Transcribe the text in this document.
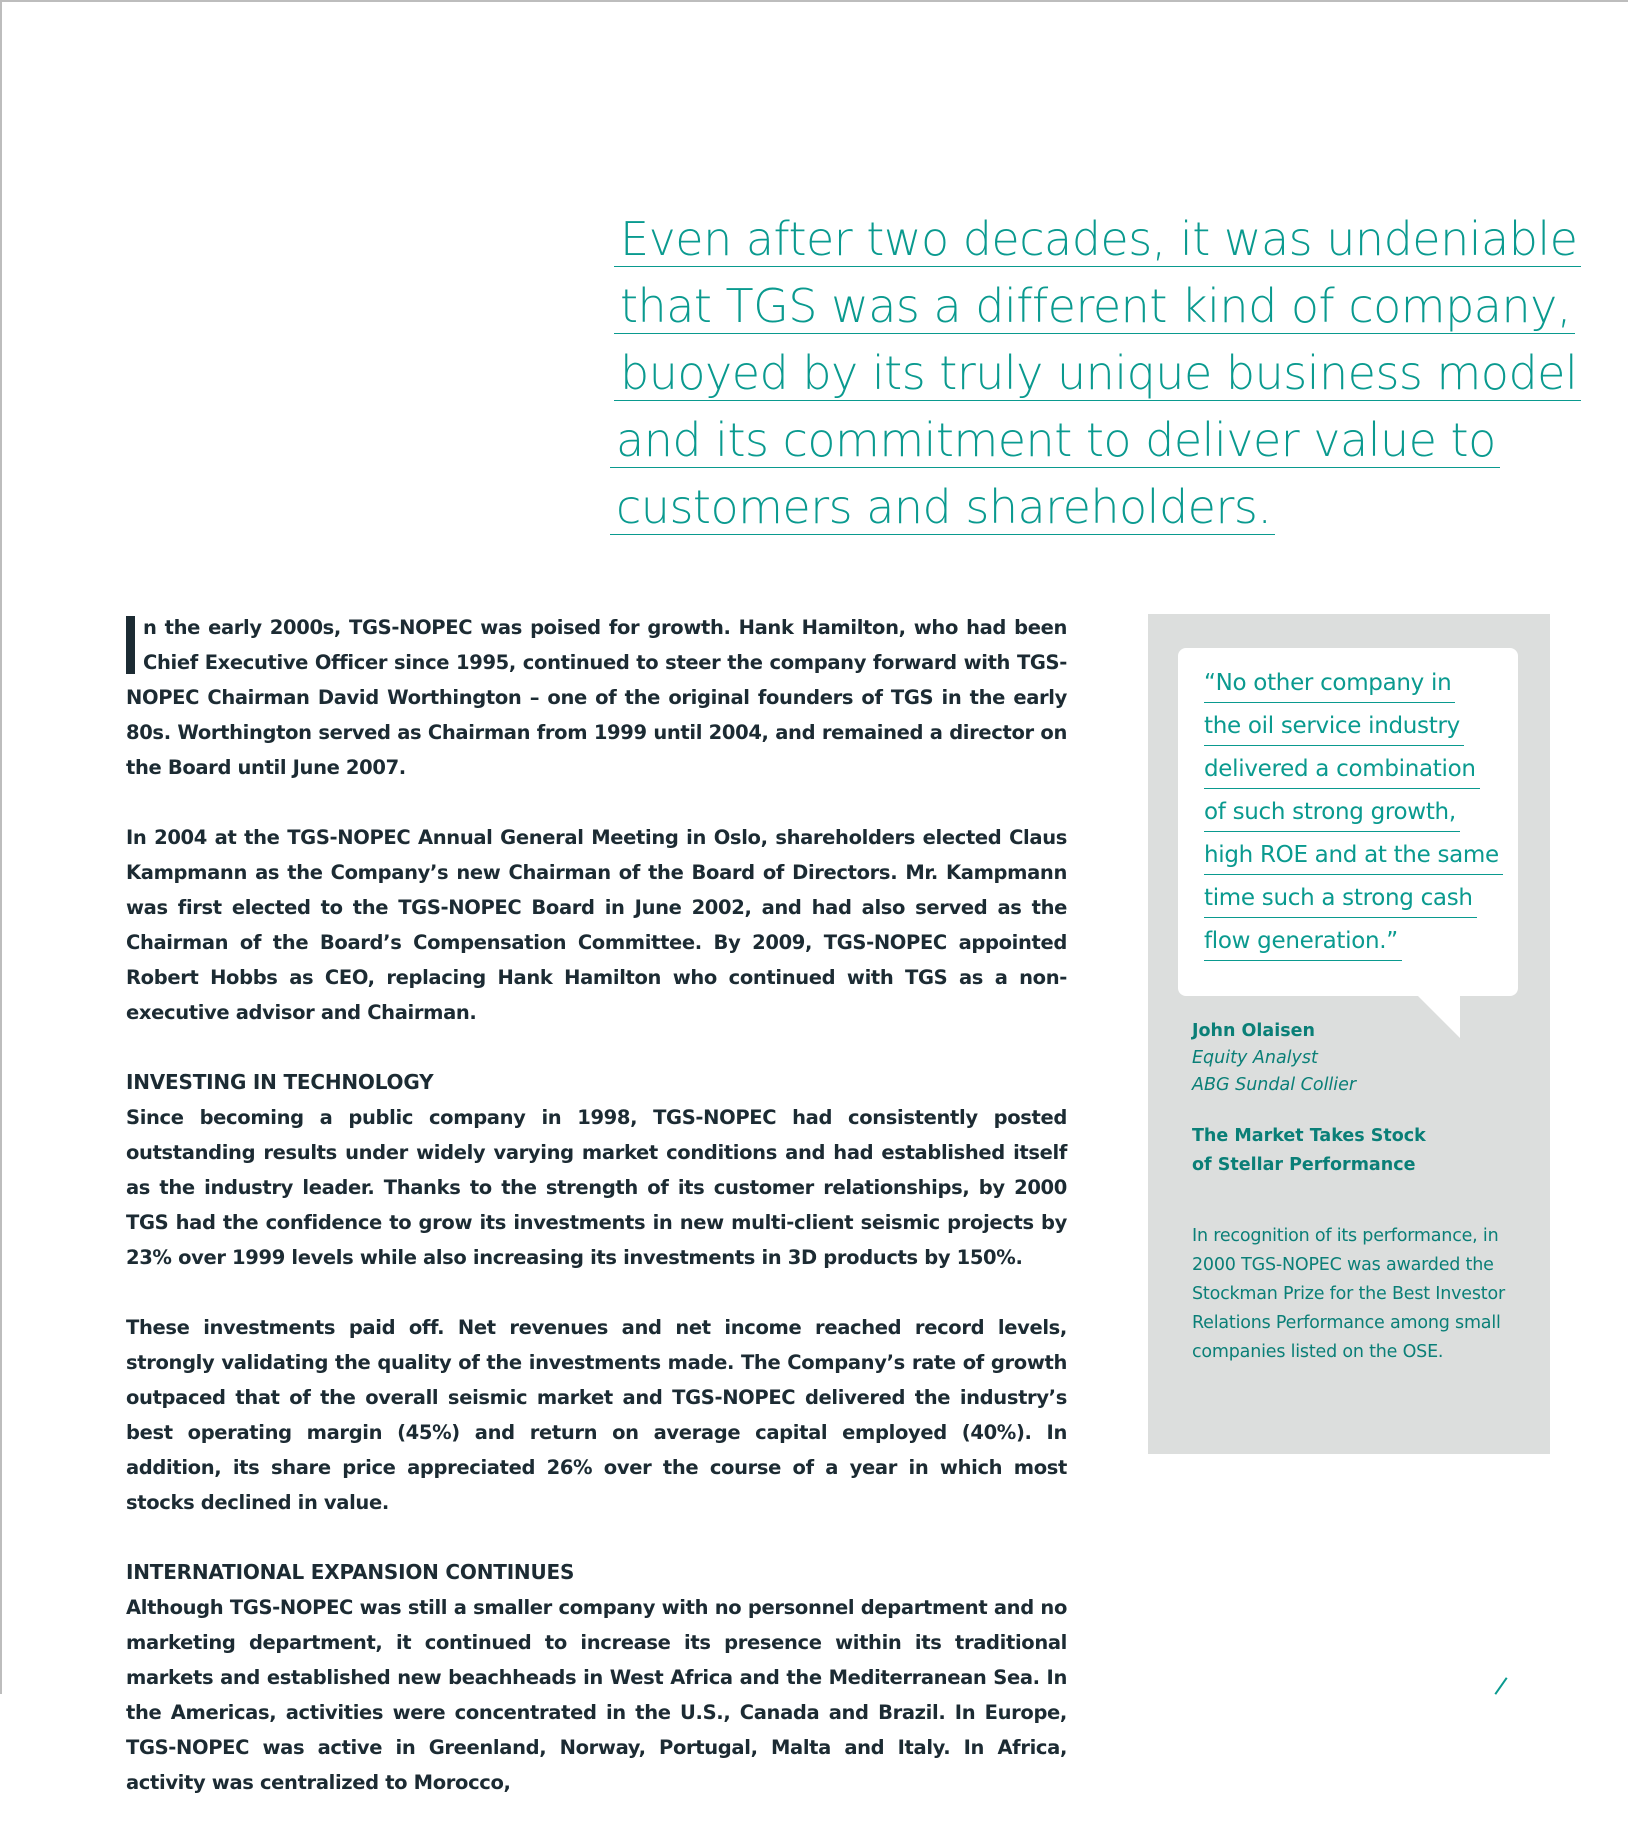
Even after two decades, it was undeniable
that TGS was a different kind of company,
buoyed by its truly unique business model
and its commitment to deliver value to
customers and shareholders.

n the early 2000s, TGS-NOPEC was poised for growth. Hank Hamilton, who had been Chief Executive Officer since 1995, continued to steer the company forward with TGS-NOPEC Chairman David Worthington – one of the original founders of TGS in the early 80s. Worthington served as Chairman from 1999 until 2004, and remained a director on the Board until June 2007.

In 2004 at the TGS-NOPEC Annual General Meeting in Oslo, shareholders elected Claus Kampmann as the Company’s new Chairman of the Board of Directors. Mr. Kampmann was first elected to the TGS-NOPEC Board in June 2002, and had also served as the Chairman of the Board’s Compensation Committee. By 2009, TGS-NOPEC appointed Robert Hobbs as CEO, replacing Hank Hamilton who continued with TGS as a non-executive advisor and Chairman.

INVESTING IN TECHNOLOGY

Since becoming a public company in 1998, TGS-NOPEC had consistently posted outstanding results under widely varying market conditions and had established itself as the industry leader. Thanks to the strength of its customer relationships, by 2000 TGS had the confidence to grow its investments in new multi-client seismic projects by 23% over 1999 levels while also increasing its investments in 3D products by 150%.

These investments paid off. Net revenues and net income reached record levels, strongly validating the quality of the investments made. The Company’s rate of growth outpaced that of the overall seismic market and TGS-NOPEC delivered the industry’s best operating margin (45%) and return on average capital employed (40%). In addition, its share price appreciated 26% over the course of a year in which most stocks declined in value.

INTERNATIONAL EXPANSION CONTINUES

Although TGS-NOPEC was still a smaller company with no personnel department and no marketing department, it continued to increase its presence within its traditional markets and established new beachheads in West Africa and the Mediterranean Sea. In the Americas, activities were concentrated in the U.S., Canada and Brazil. In Europe, TGS-NOPEC was active in Greenland, Norway, Portugal, Malta and Italy. In Africa, activity was centralized to Morocco,

“No other company in
the oil service industry
delivered a combination
of such strong growth,
high ROE and at the same
time such a strong cash
flow generation.”

John Olaisen

Equity Analyst

ABG Sundal Collier

The Market Takes Stock
of Stellar Performance

In recognition of its performance, in 2000 TGS-NOPEC was awarded the Stockman Prize for the Best Investor Relations Performance among small companies listed on the OSE.
